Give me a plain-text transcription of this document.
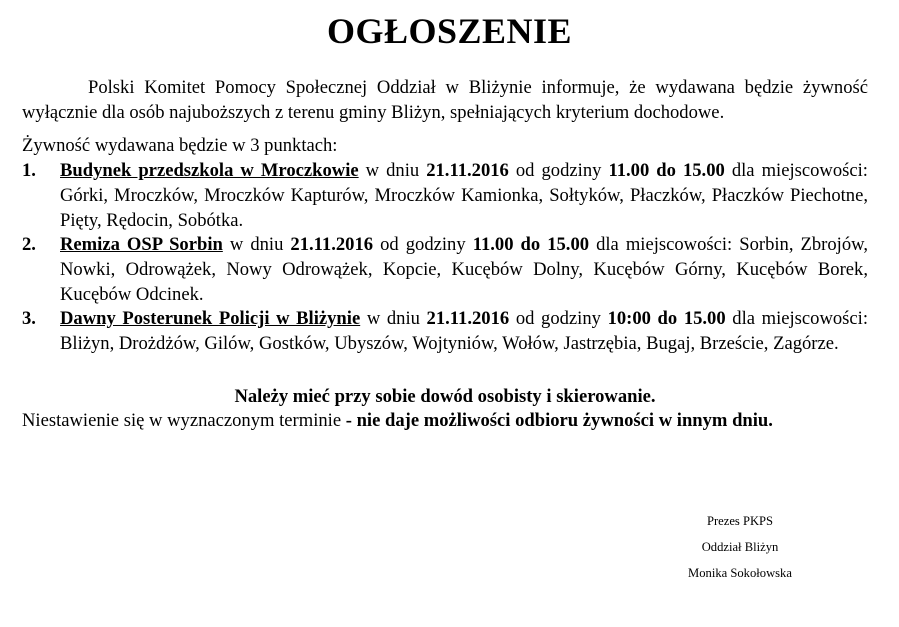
OGŁOSZENIE

Polski Komitet Pomocy Społecznej Oddział w Bliżynie informuje, że wydawana będzie żywność wyłącznie dla osób najuboższych z terenu gminy Bliżyn, spełniających kryterium dochodowe.

Żywność wydawana będzie w 3 punktach:

1. Budynek przedszkola w Mroczkowie w dniu 21.11.2016 od godziny 11.00 do 15.00 dla miejscowości: Górki, Mroczków, Mroczków Kapturów, Mroczków Kamionka, Sołtyków, Płaczków, Płaczków Piechotne, Pięty, Rędocin, Sobótka.
2. Remiza OSP Sorbin w dniu 21.11.2016 od godziny 11.00 do 15.00 dla miejscowości: Sorbin, Zbrojów, Nowki, Odrowążek, Nowy Odrowążek, Kopcie, Kucębów Dolny, Kucębów Górny, Kucębów Borek, Kucębów Odcinek.
3. Dawny Posterunek Policji w Bliżynie w dniu 21.11.2016 od godziny 10:00 do 15.00 dla miejscowości: Bliżyn, Drożdżów, Gilów, Gostków, Ubyszów, Wojtyniów, Wołów, Jastrzębia, Bugaj, Brzeście, Zagórze.

Należy mieć przy sobie dowód osobisty i skierowanie.

Niestawienie się w wyznaczonym terminie - nie daje możliwości odbioru żywności w innym dniu.

Prezes PKPS
Oddział Bliżyn
Monika Sokołowska
